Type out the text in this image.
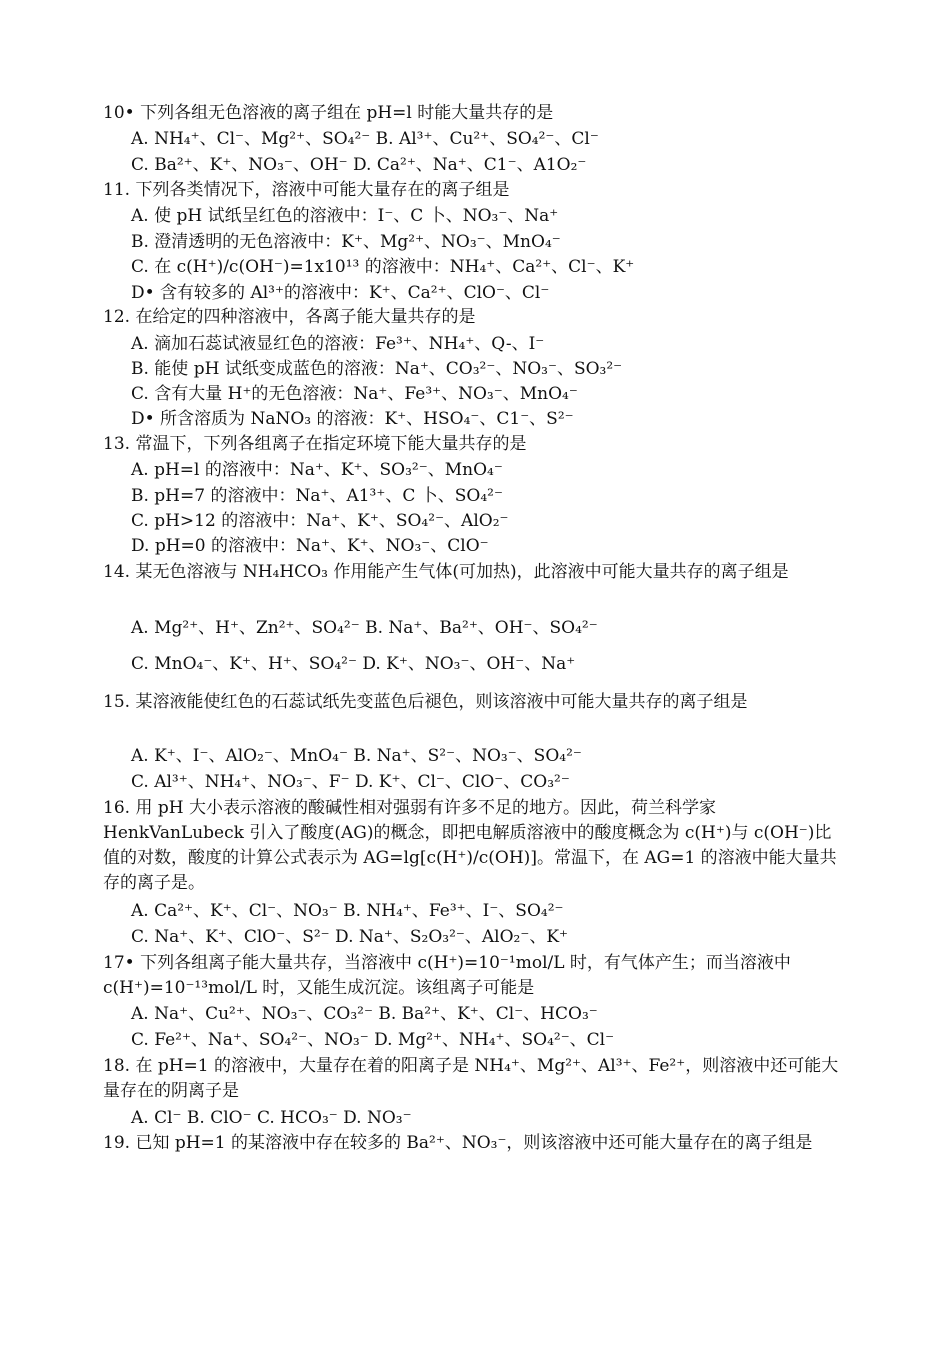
10• 下列各组无色溶液的离子组在 pH=l 时能大量共存的是
A. NH₄⁺、Cl⁻、Mg²⁺、SO₄²⁻ B. Al³⁺、Cu²⁺、SO₄²⁻、Cl⁻
C. Ba²⁺、K⁺、NO₃⁻、OH⁻ D. Ca²⁺、Na⁺、C1⁻、A1O₂⁻
11. 下列各类情况下，溶液中可能大量存在的离子组是
A. 使 pH 试纸呈红色的溶液中：I⁻、C 卜、NO₃⁻、Na⁺
B. 澄清透明的无色溶液中：K⁺、Mg²⁺、NO₃⁻、MnO₄⁻
C. 在 c(H⁺)/c(OH⁻)=1x10¹³ 的溶液中：NH₄⁺、Ca²⁺、Cl⁻、K⁺
D• 含有较多的 Al³⁺的溶液中：K⁺、Ca²⁺、ClO⁻、Cl⁻
12. 在给定的四种溶液中，各离子能大量共存的是
A. 滴加石蕊试液显红色的溶液：Fe³⁺、NH₄⁺、Q-、I⁻
B. 能使 pH 试纸变成蓝色的溶液：Na⁺、CO₃²⁻、NO₃⁻、SO₃²⁻
C. 含有大量 H⁺的无色溶液：Na⁺、Fe³⁺、NO₃⁻、MnO₄⁻
D• 所含溶质为 NaNO₃ 的溶液：K⁺、HSO₄⁻、C1⁻、S²⁻
13. 常温下，下列各组离子在指定环境下能大量共存的是
A. pH=l 的溶液中：Na⁺、K⁺、SO₃²⁻、MnO₄⁻
B. pH=7 的溶液中：Na⁺、A1³⁺、C 卜、SO₄²⁻
C. pH>12 的溶液中：Na⁺、K⁺、SO₄²⁻、AlO₂⁻
D. pH=0 的溶液中：Na⁺、K⁺、NO₃⁻、ClO⁻
14. 某无色溶液与 NH₄HCO₃ 作用能产生气体(可加热)，此溶液中可能大量共存的离子组是
A. Mg²⁺、H⁺、Zn²⁺、SO₄²⁻ B. Na⁺、Ba²⁺、OH⁻、SO₄²⁻
C. MnO₄⁻、K⁺、H⁺、SO₄²⁻ D. K⁺、NO₃⁻、OH⁻、Na⁺
15. 某溶液能使红色的石蕊试纸先变蓝色后褪色，则该溶液中可能大量共存的离子组是
A. K⁺、I⁻、AlO₂⁻、MnO₄⁻ B. Na⁺、S²⁻、NO₃⁻、SO₄²⁻
C. Al³⁺、NH₄⁺、NO₃⁻、F⁻ D. K⁺、Cl⁻、ClO⁻、CO₃²⁻
16. 用 pH 大小表示溶液的酸碱性相对强弱有许多不足的地方。因此，荷兰科学家 HenkVanLubeck 引入了酸度(AG)的概念，即把电解质溶液中的酸度概念为 c(H⁺)与 c(OH⁻)比值的对数，酸度的计算公式表示为 AG=lg[c(H⁺)/c(OH)]。常温下，在 AG=1 的溶液中能大量共存的离子是。
A. Ca²⁺、K⁺、Cl⁻、NO₃⁻ B. NH₄⁺、Fe³⁺、I⁻、SO₄²⁻
C. Na⁺、K⁺、ClO⁻、S²⁻ D. Na⁺、S₂O₃²⁻、AlO₂⁻、K⁺
17• 下列各组离子能大量共存，当溶液中 c(H⁺)=10⁻¹mol/L 时，有气体产生；而当溶液中 c(H⁺)=10⁻¹³mol/L 时，又能生成沉淀。该组离子可能是
A. Na⁺、Cu²⁺、NO₃⁻、CO₃²⁻ B. Ba²⁺、K⁺、Cl⁻、HCO₃⁻
C. Fe²⁺、Na⁺、SO₄²⁻、NO₃⁻ D. Mg²⁺、NH₄⁺、SO₄²⁻、Cl⁻
18. 在 pH=1 的溶液中，大量存在着的阳离子是 NH₄⁺、Mg²⁺、Al³⁺、Fe²⁺，则溶液中还可能大量存在的阴离子是
A. Cl⁻ B. ClO⁻ C. HCO₃⁻ D. NO₃⁻
19. 已知 pH=1 的某溶液中存在较多的 Ba²⁺、NO₃⁻，则该溶液中还可能大量存在的离子组是
